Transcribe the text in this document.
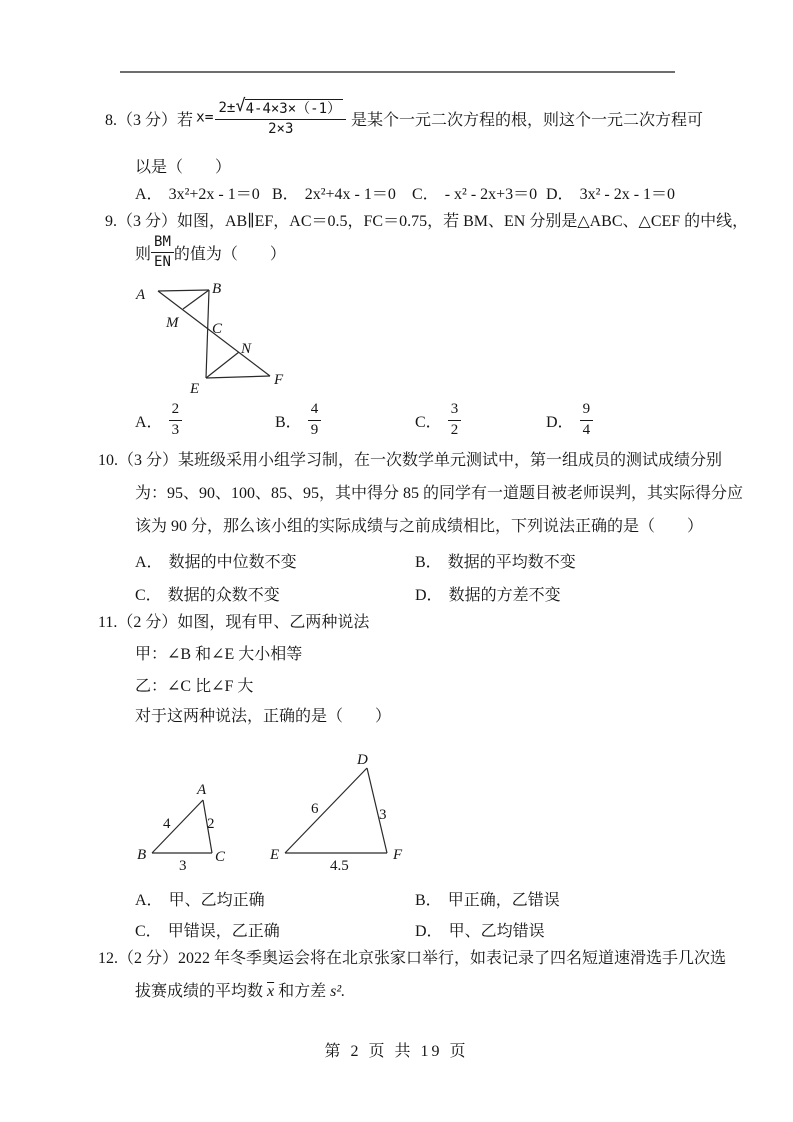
8.（3 分）若 $x= \frac{2\pm √ 4-4\times 3\times(-1)}{2\times 3}$ 是某个一元二次方程的根，则这个一元二次方程可
以是（　　）
A． 3x²+2x - 1＝0 B． 2x²+4x - 1＝0 C． - x² - 2x+3＝0 D． 3x² - 2x - 1＝0
9.（3 分）如图，AB∥EF，AC＝0.5，FC＝0.75，若 BM、EN 分别是△ABC、△CEF 的中线，
则 $\frac{BM}{EN}$ 的值为（　　）
A	B
M C
N
E
F
A． $\frac{2}{3}$	B． $\frac{4}{9}$	C． $\frac{3}{2}$	D． $\frac{9}{4}$
10.（3 分）某班级采用小组学习制，在一次数学单元测试中，第一组成员的测试成绩分别
为：95、90、100、85、95，其中得分 85 的同学有一道题目被老师误判，其实际得分应
该为 90 分，那么该小组的实际成绩与之前成绩相比，下列说法正确的是（　　）
A． 数据的中位数不变	B． 数据的平均数不变
C． 数据的众数不变	D． 数据的方差不变
11.（2 分）如图，现有甲、乙两种说法
甲：∠B 和∠E 大小相等
乙：∠C 比∠F 大
对于这两种说法，正确的是（　　）
A
B	C
4 2
3
D
E	F
6	3
4.5
A． 甲、乙均正确	B． 甲正确，乙错误
C． 甲错误，乙正确	D． 甲、乙均错误
12.（2 分）2022 年冬季奥运会将在北京张家口举行，如表记录了四名短道速滑选手几次选
拔赛成绩的平均数 $\overline{x}$ 和方差 s².
第 2 页 共 19 页
